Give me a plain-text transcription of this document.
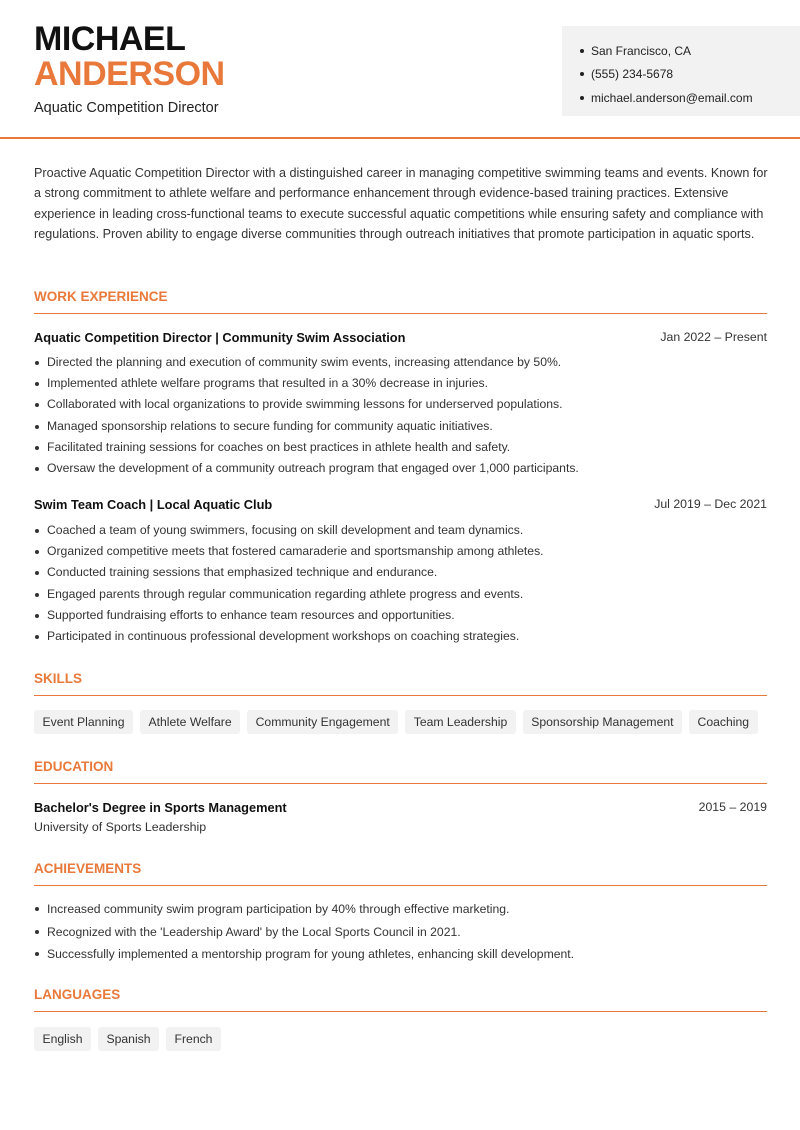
MICHAEL
ANDERSON
Aquatic Competition Director
San Francisco, CA
(555) 234-5678
michael.anderson@email.com

Proactive Aquatic Competition Director with a distinguished career in managing competitive swimming teams and events. Known for a strong commitment to athlete welfare and performance enhancement through evidence-based training practices. Extensive experience in leading cross-functional teams to execute successful aquatic competitions while ensuring safety and compliance with regulations. Proven ability to engage diverse communities through outreach initiatives that promote participation in aquatic sports.

WORK EXPERIENCE
Aquatic Competition Director | Community Swim Association	Jan 2022 – Present
Directed the planning and execution of community swim events, increasing attendance by 50%.
Implemented athlete welfare programs that resulted in a 30% decrease in injuries.
Collaborated with local organizations to provide swimming lessons for underserved populations.
Managed sponsorship relations to secure funding for community aquatic initiatives.
Facilitated training sessions for coaches on best practices in athlete health and safety.
Oversaw the development of a community outreach program that engaged over 1,000 participants.
Swim Team Coach | Local Aquatic Club	Jul 2019 – Dec 2021
Coached a team of young swimmers, focusing on skill development and team dynamics.
Organized competitive meets that fostered camaraderie and sportsmanship among athletes.
Conducted training sessions that emphasized technique and endurance.
Engaged parents through regular communication regarding athlete progress and events.
Supported fundraising efforts to enhance team resources and opportunities.
Participated in continuous professional development workshops on coaching strategies.
SKILLS
Event Planning	Athlete Welfare	Community Engagement	Team Leadership	Sponsorship Management	Coaching
EDUCATION
Bachelor's Degree in Sports Management	2015 – 2019
University of Sports Leadership
ACHIEVEMENTS
Increased community swim program participation by 40% through effective marketing.
Recognized with the 'Leadership Award' by the Local Sports Council in 2021.
Successfully implemented a mentorship program for young athletes, enhancing skill development.
LANGUAGES
English	Spanish	French
